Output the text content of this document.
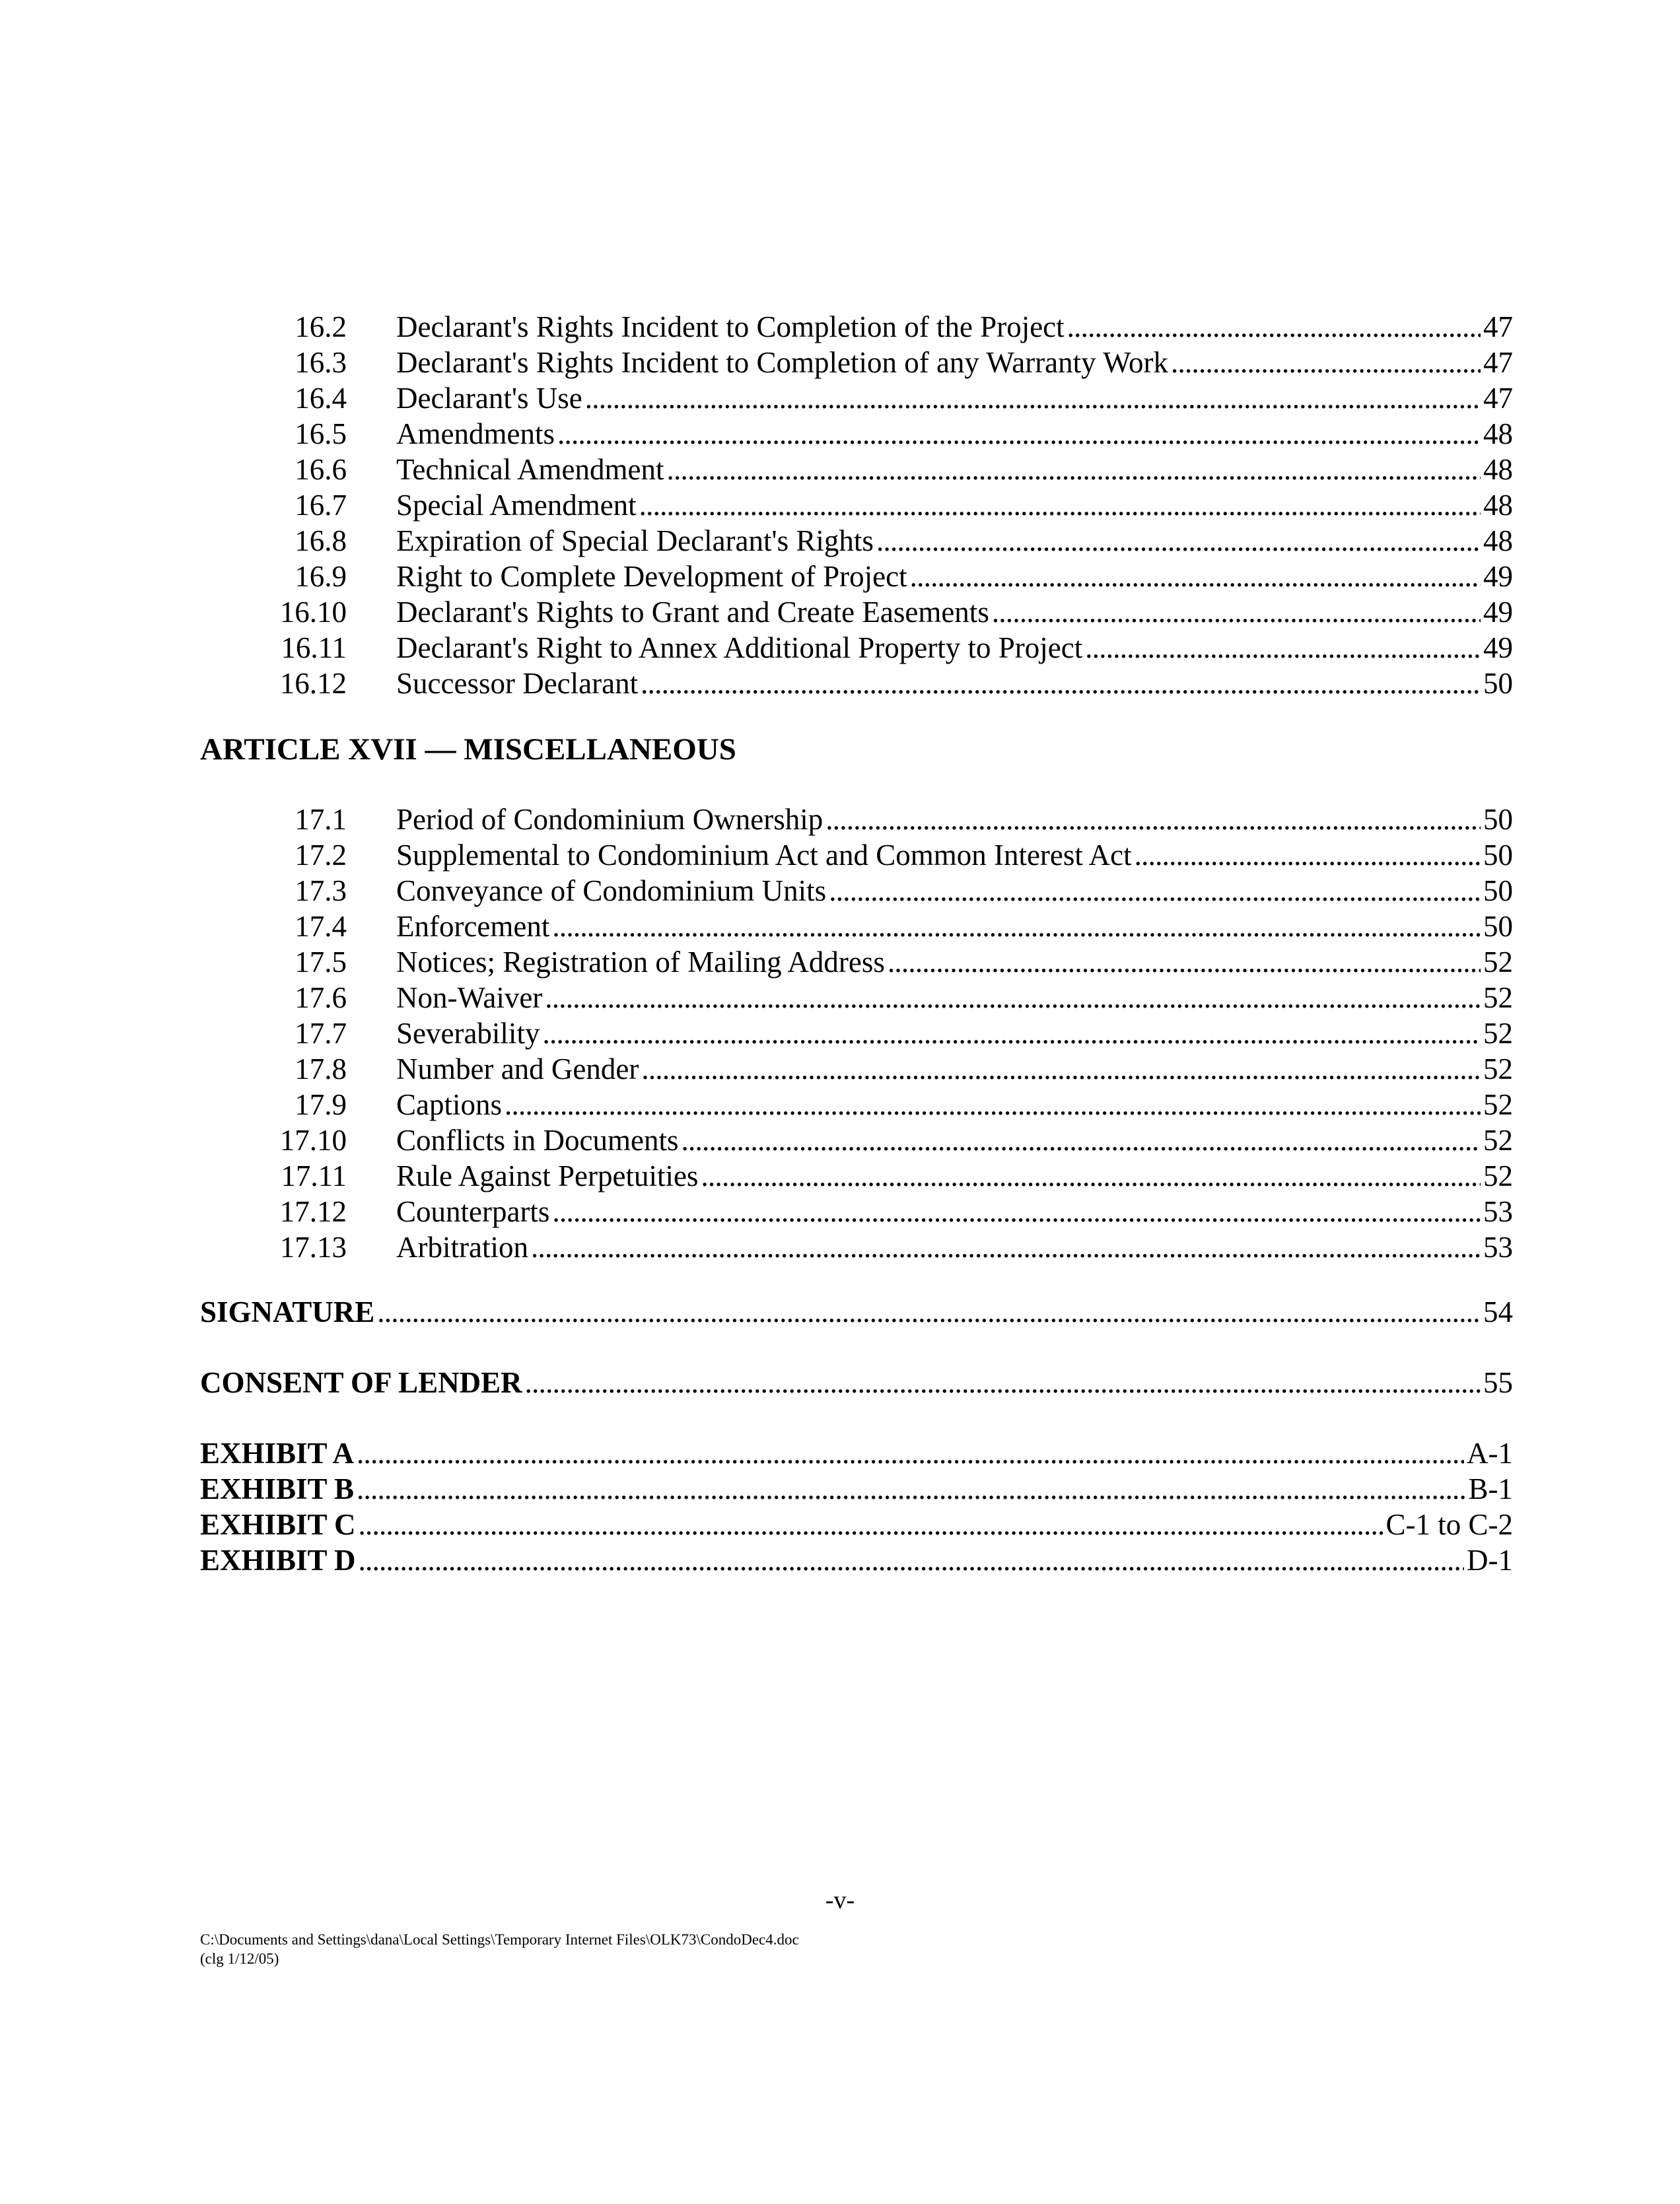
16.2 Declarant's Rights Incident to Completion of the Project . . .	47
16.3 Declarant's Rights Incident to Completion of any Warranty Work . . .	47
16.4 Declarant's Use . . .	47
16.5 Amendments . . .	48
16.6 Technical Amendment . . .	48
16.7 Special Amendment . . .	48
16.8 Expiration of Special Declarant's Rights . . .	48
16.9 Right to Complete Development of Project . . .	49
16.10 Declarant's Rights to Grant and Create Easements . . .	49
16.11 Declarant's Right to Annex Additional Property to Project . . .	49
16.12 Successor Declarant . . .	50
ARTICLE XVII — MISCELLANEOUS
17.1 Period of Condominium Ownership . . .	50
17.2 Supplemental to Condominium Act and Common Interest Act . . .	50
17.3 Conveyance of Condominium Units . . .	50
17.4 Enforcement . . .	50
17.5 Notices; Registration of Mailing Address . . .	52
17.6 Non-Waiver . . .	52
17.7 Severability . . .	52
17.8 Number and Gender . . .	52
17.9 Captions . . .	52
17.10 Conflicts in Documents . . .	52
17.11 Rule Against Perpetuities . . .	52
17.12 Counterparts . . .	53
17.13 Arbitration . . .	53
SIGNATURE . . .	54
CONSENT OF LENDER . . .	55
EXHIBIT A . . .	A-1
EXHIBIT B . . .	B-1
EXHIBIT C . . .	C-1 to C-2
EXHIBIT D . . .	D-1
-v-
C:\Documents and Settings\dana\Local Settings\Temporary Internet Files\OLK73\CondoDec4.doc
(clg 1/12/05)
